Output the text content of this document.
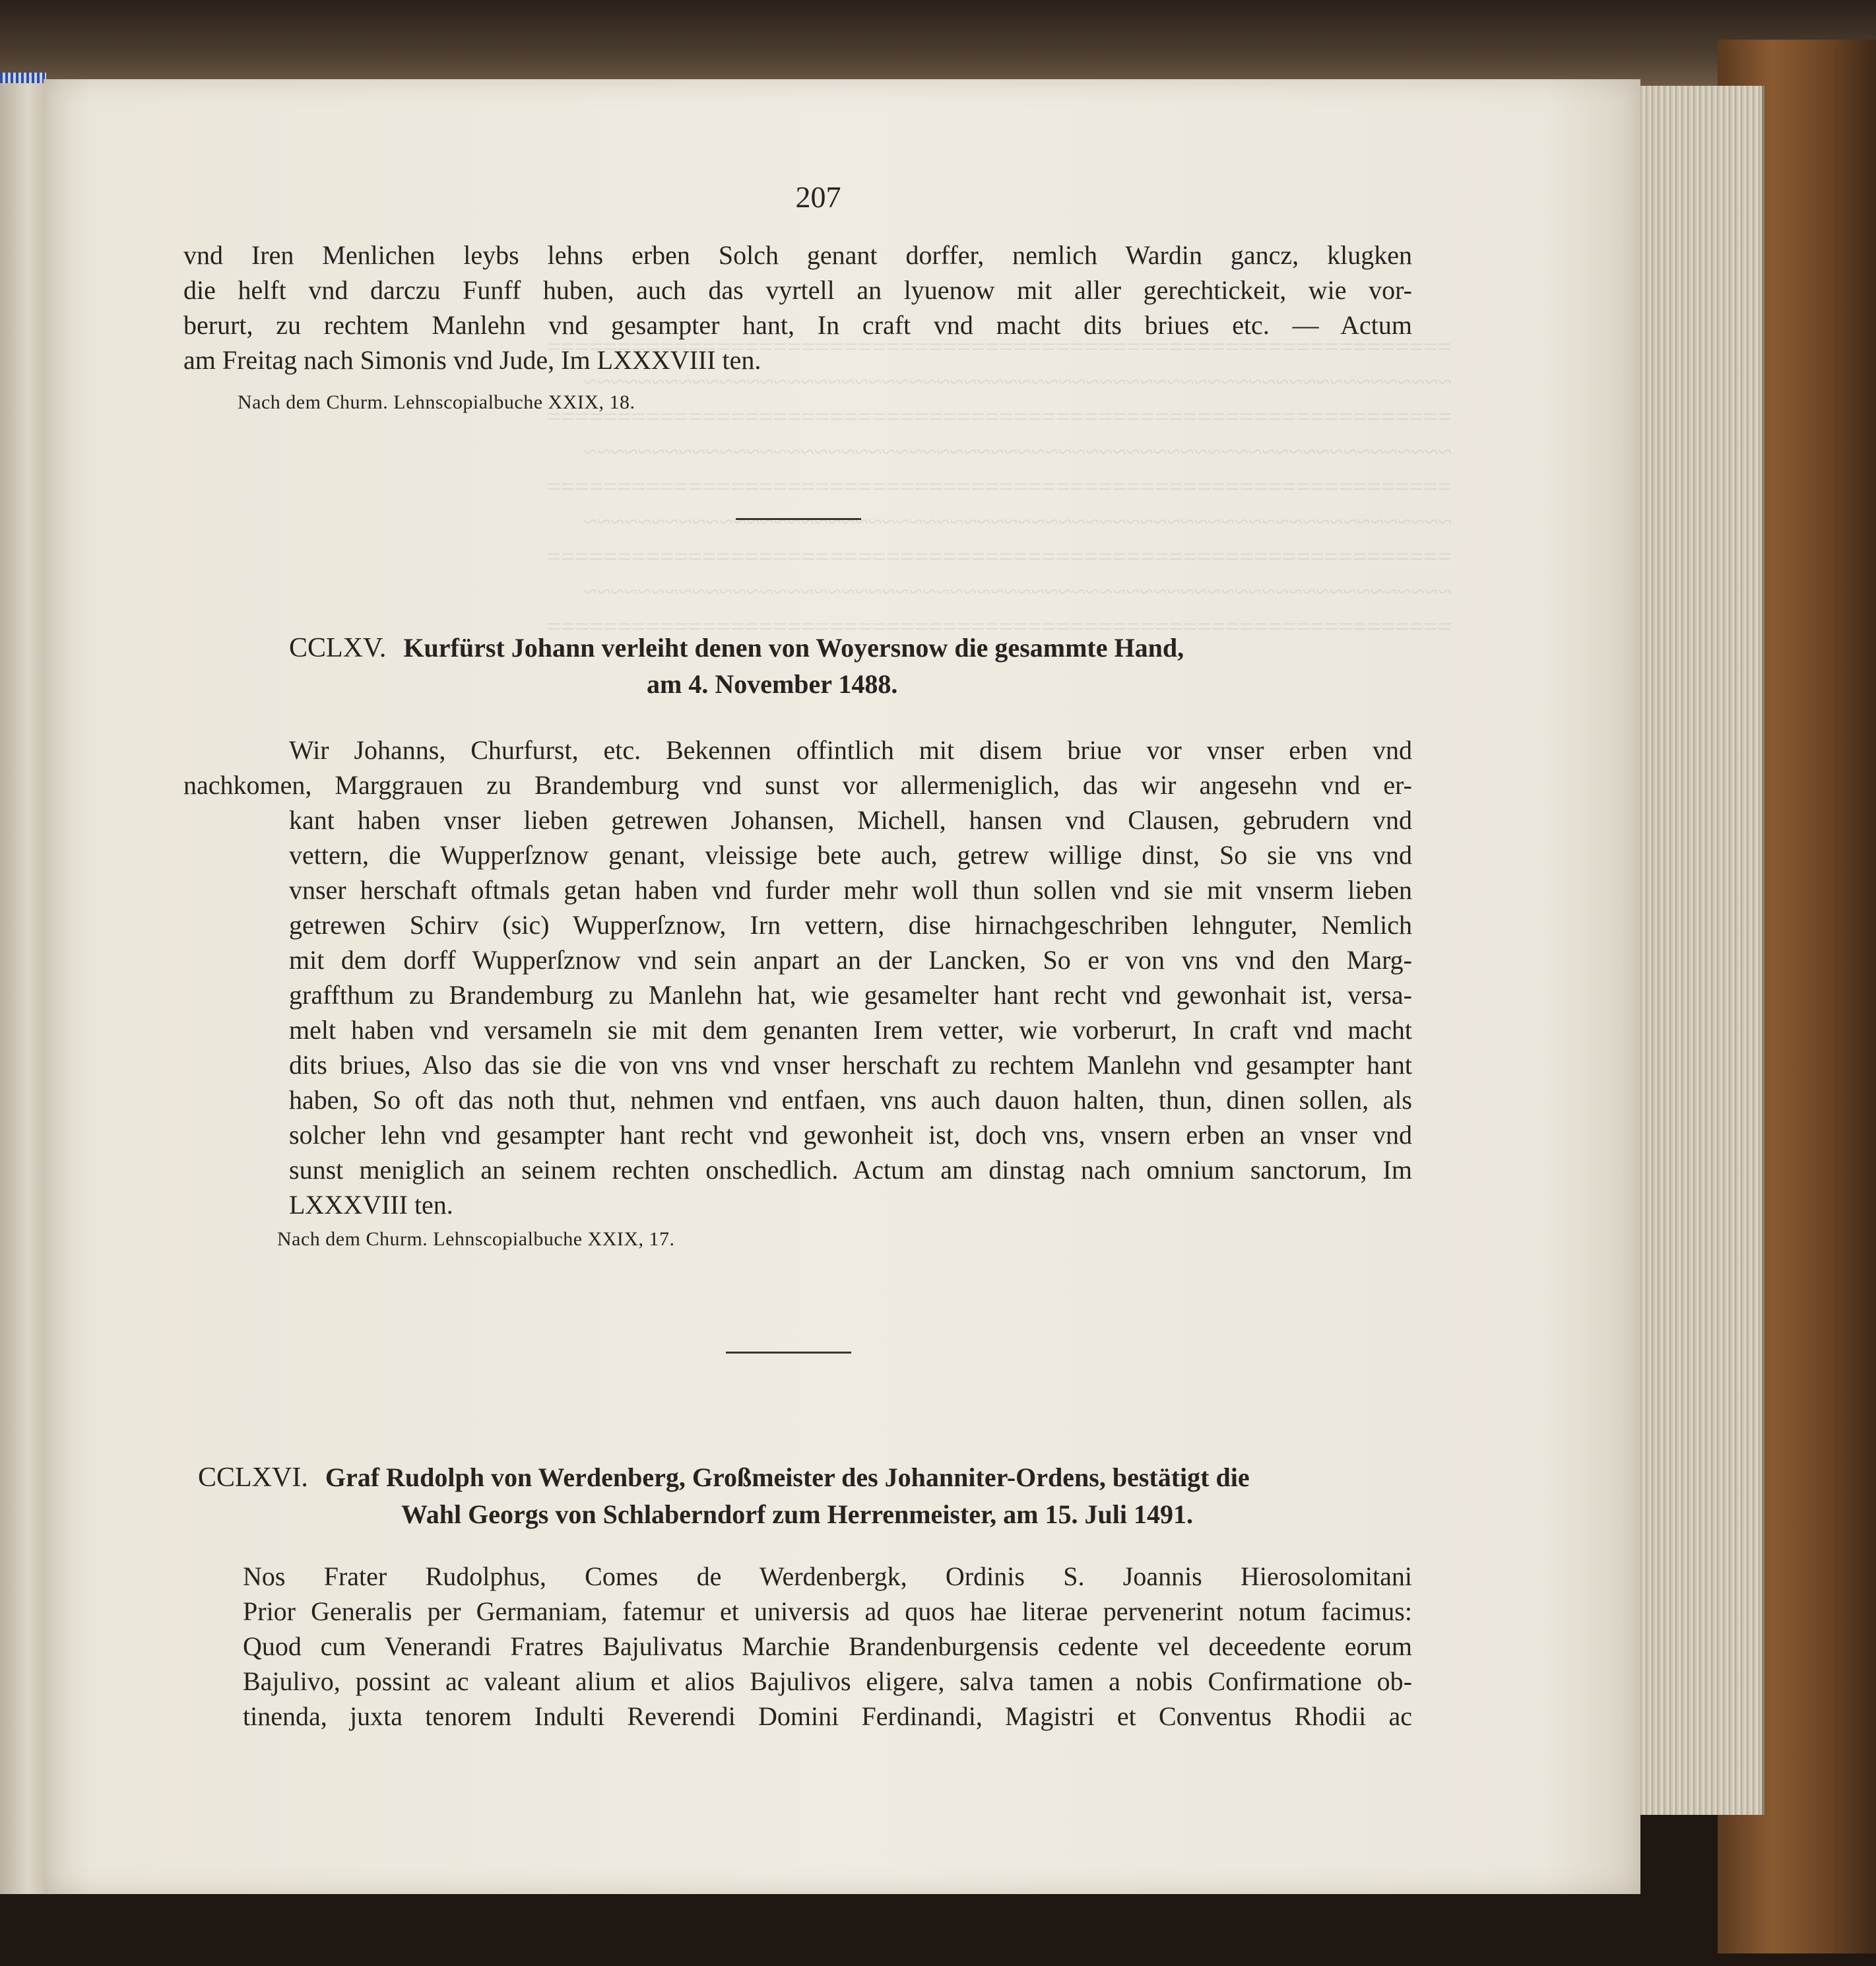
207
vnd Iren Menlichen leybs lehns erben Solch genant dorffer, nemlich Wardin gancz, klugken
die helft vnd darczu Funff huben, auch das vyrtell an lyuenow mit aller gerechtickeit, wie vor-
berurt, zu rechtem Manlehn vnd gesampter hant, In craft vnd macht dits briues etc. — Actum
am Freitag nach Simonis vnd Jude, Im LXXXVIII ten.
Nach dem Churm. Lehnscopialbuche XXIX, 18.
CCLXV. Kurfürst Johann verleiht denen von Woyersnow die gesammte Hand,
am 4. November 1488.
Wir Johanns, Churfurst, etc. Bekennen offintlich mit disem briue vor vnser erben vnd
nachkomen, Marggrauen zu Brandemburg vnd sunst vor allermeniglich, das wir angesehn vnd er-
kant haben vnser lieben getrewen Johansen, Michell, hansen vnd Clausen, gebrudern vnd
vettern, die Wupperſznow genant, vleissige bete auch, getrew willige dinst, So sie vns vnd
vnser herschaft oftmals getan haben vnd furder mehr woll thun sollen vnd sie mit vnserm lieben
getrewen Schirv (sic) Wupperſznow, Irn vettern, dise hirnachgeschriben lehnguter, Nemlich
mit dem dorff Wupperſznow vnd sein anpart an der Lancken, So er von vns vnd den Marg-
graffthum zu Brandemburg zu Manlehn hat, wie gesamelter hant recht vnd gewonhait ist, versa-
melt haben vnd versameln sie mit dem genanten Irem vetter, wie vorberurt, In craft vnd macht
dits briues, Also das sie die von vns vnd vnser herschaft zu rechtem Manlehn vnd gesampter hant
haben, So oft das noth thut, nehmen vnd entfaen, vns auch dauon halten, thun, dinen sollen, als
solcher lehn vnd gesampter hant recht vnd gewonheit ist, doch vns, vnsern erben an vnser vnd
sunst meniglich an seinem rechten onschedlich. Actum am dinstag nach omnium sanctorum, Im
LXXXVIII ten.
Nach dem Churm. Lehnscopialbuche XXIX, 17.
CCLXVI. Graf Rudolph von Werdenberg, Großmeister des Johanniter-Ordens, bestätigt die
Wahl Georgs von Schlaberndorf zum Herrenmeister, am 15. Juli 1491.
Nos Frater Rudolphus, Comes de Werdenbergk, Ordinis S. Joannis Hierosolomitani
Prior Generalis per Germaniam, fatemur et universis ad quos hae literae pervenerint notum facimus:
Quod cum Venerandi Fratres Bajulivatus Marchie Brandenburgensis cedente vel deceedente eorum
Bajulivo, possint ac valeant alium et alios Bajulivos eligere, salva tamen a nobis Confirmatione ob-
tinenda, juxta tenorem Indulti Reverendi Domini Ferdinandi, Magistri et Conventus Rhodii ac
